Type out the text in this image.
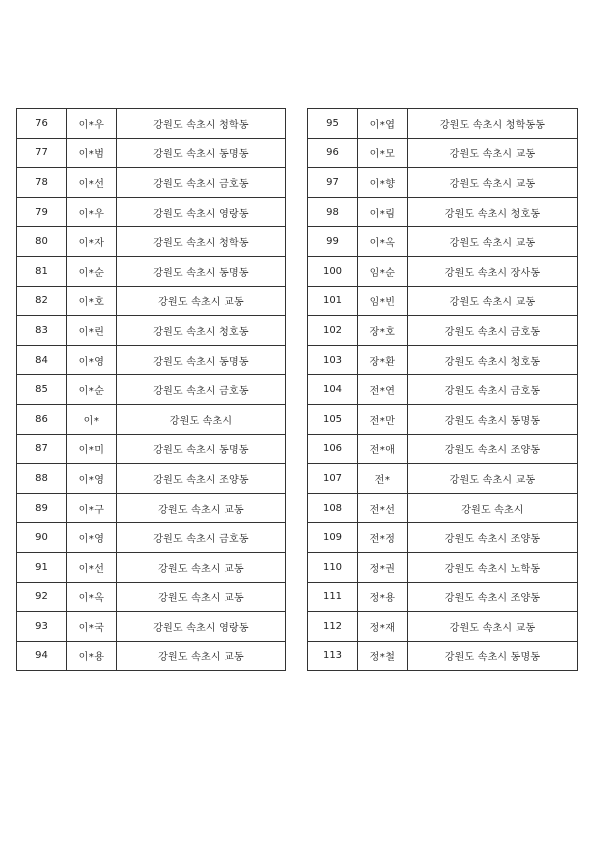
76	이*우	강원도 속초시 청학동
77	이*범	강원도 속초시 동명동
78	이*선	강원도 속초시 금호동
79	이*우	강원도 속초시 영랑동
80	이*자	강원도 속초시 청학동
81	이*순	강원도 속초시 동명동
82	이*호	강원도 속초시 교동
83	이*린	강원도 속초시 청호동
84	이*영	강원도 속초시 동명동
85	이*순	강원도 속초시 금호동
86	이*	강원도 속초시
87	이*미	강원도 속초시 동명동
88	이*영	강원도 속초시 조양동
89	이*구	강원도 속초시 교동
90	이*영	강원도 속초시 금호동
91	이*선	강원도 속초시 교동
92	이*옥	강원도 속초시 교동
93	이*국	강원도 속초시 영랑동
94	이*용	강원도 속초시 교동
95	이*엽	강원도 속초시 청학동동
96	이*모	강원도 속초시 교동
97	이*향	강원도 속초시 교동
98	이*림	강원도 속초시 청호동
99	이*옥	강원도 속초시 교동
100	임*순	강원도 속초시 장사동
101	임*빈	강원도 속초시 교동
102	장*호	강원도 속초시 금호동
103	장*환	강원도 속초시 청호동
104	전*연	강원도 속초시 금호동
105	전*만	강원도 속초시 동명동
106	전*애	강원도 속초시 조양동
107	전*	강원도 속초시 교동
108	전*선	강원도 속초시
109	전*정	강원도 속초시 조양동
110	정*권	강원도 속초시 노학동
111	정*용	강원도 속초시 조양동
112	정*재	강원도 속초시 교동
113	정*철	강원도 속초시 동명동
